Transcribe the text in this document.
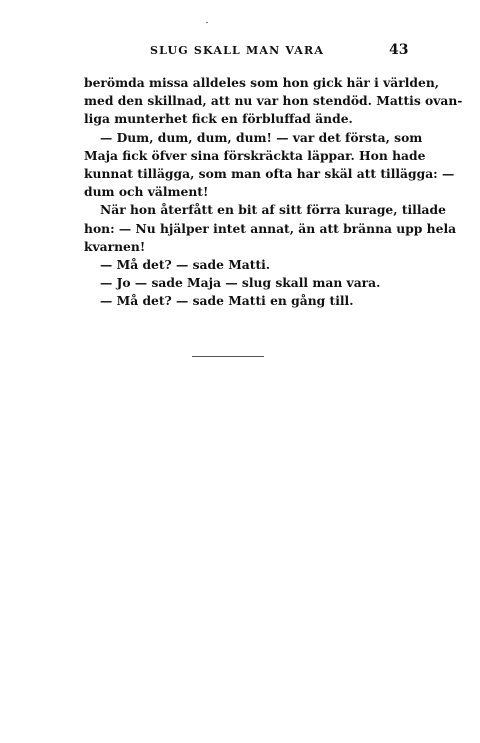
SLUG SKALL MAN VARA	43
berömda missa alldeles som hon gick här i världen,
med den skillnad, att nu var hon stendöd. Mattis ovan-
liga munterhet fick en förbluffad ände.
— Dum, dum, dum, dum! — var det första, som
Maja fick öfver sina förskräckta läppar. Hon hade
kunnat tillägga, som man ofta har skäl att tillägga: —
dum och välment!
När hon återfått en bit af sitt förra kurage, tillade
hon: — Nu hjälper intet annat, än att bränna upp hela
kvarnen!
— Må det? — sade Matti.
— Jo — sade Maja — slug skall man vara.
— Må det? — sade Matti en gång till.
